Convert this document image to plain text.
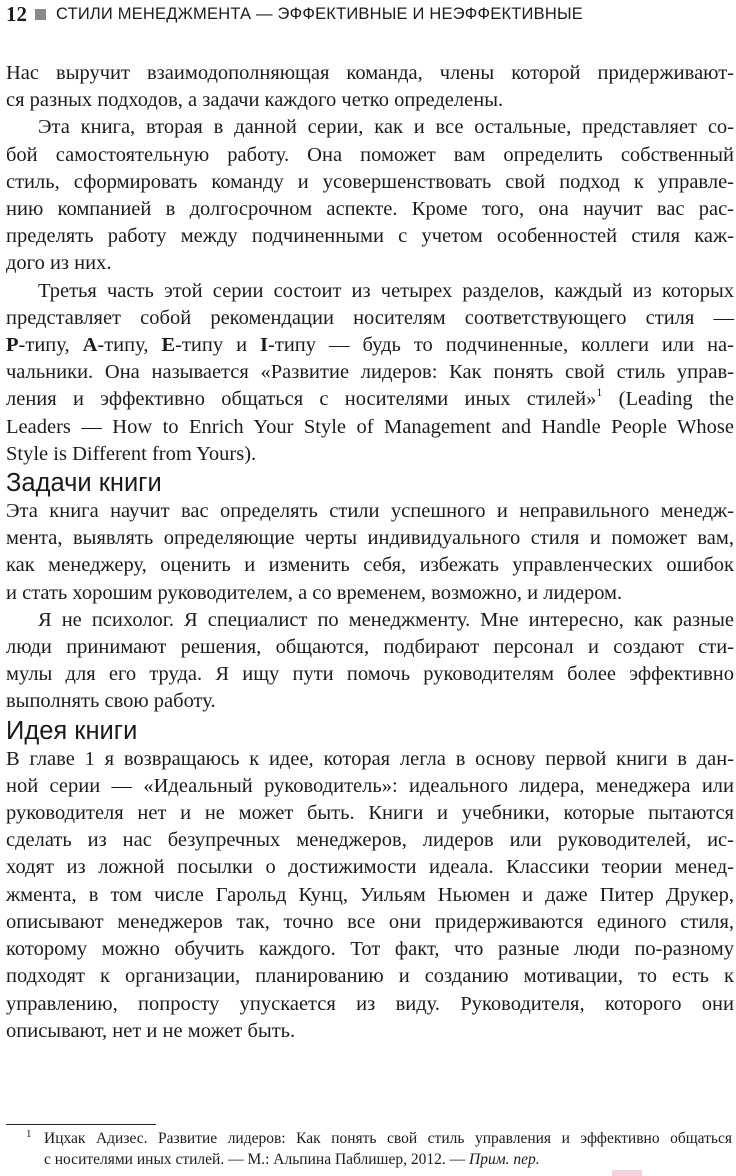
12 СТИЛИ МЕНЕДЖМЕНТА — ЭФФЕКТИВНЫЕ И НЕЭФФЕКТИВНЫЕ

Нас выручит взаимодополняющая команда, члены которой придерживают-
ся разных подходов, а задачи каждого четко определены.

Эта книга, вторая в данной серии, как и все остальные, представляет со-
бой самостоятельную работу. Она поможет вам определить собственный
стиль, сформировать команду и усовершенствовать свой подход к управле-
нию компанией в долгосрочном аспекте. Кроме того, она научит вас рас-
пределять работу между подчиненными с учетом особенностей стиля каж-
дого из них.

Третья часть этой серии состоит из четырех разделов, каждый из которых
представляет собой рекомендации носителям соответствующего стиля —
P-типу, A-типу, E-типу и I-типу — будь то подчиненные, коллеги или на-
чальники. Она называется «Развитие лидеров: Как понять свой стиль управ-
ления и эффективно общаться с носителями иных стилей»$^1$ (Leading the
Leaders — How to Enrich Your Style of Management and Handle People Whose
Style is Different from Yours).

Задачи книги

Эта книга научит вас определять стили успешного и неправильного менедж-
мента, выявлять определяющие черты индивидуального стиля и поможет вам,
как менеджеру, оценить и изменить себя, избежать управленческих ошибок
и стать хорошим руководителем, а со временем, возможно, и лидером.

Я не психолог. Я специалист по менеджменту. Мне интересно, как разные
люди принимают решения, общаются, подбирают персонал и создают сти-
мулы для его труда. Я ищу пути помочь руководителям более эффективно
выполнять свою работу.

Идея книги

В главе 1 я возвращаюсь к идее, которая легла в основу первой книги в дан-
ной серии — «Идеальный руководитель»: идеального лидера, менеджера или
руководителя нет и не может быть. Книги и учебники, которые пытаются
сделать из нас безупречных менеджеров, лидеров или руководителей, ис-
ходят из ложной посылки о достижимости идеала. Классики теории менед-
жмента, в том числе Гарольд Кунц, Уильям Ньюмен и даже Питер Друкер,
описывают менеджеров так, точно все они придерживаются единого стиля,
которому можно обучить каждого. Тот факт, что разные люди по-разному
подходят к организации, планированию и созданию мотивации, то есть к
управлению, попросту упускается из виду. Руководителя, которого они
описывают, нет и не может быть.

1 Ицхак Адизес. Развитие лидеров: Как понять свой стиль управления и эффективно общаться
с носителями иных стилей. — М.: Альпина Паблишер, 2012. — Прим. пер.
